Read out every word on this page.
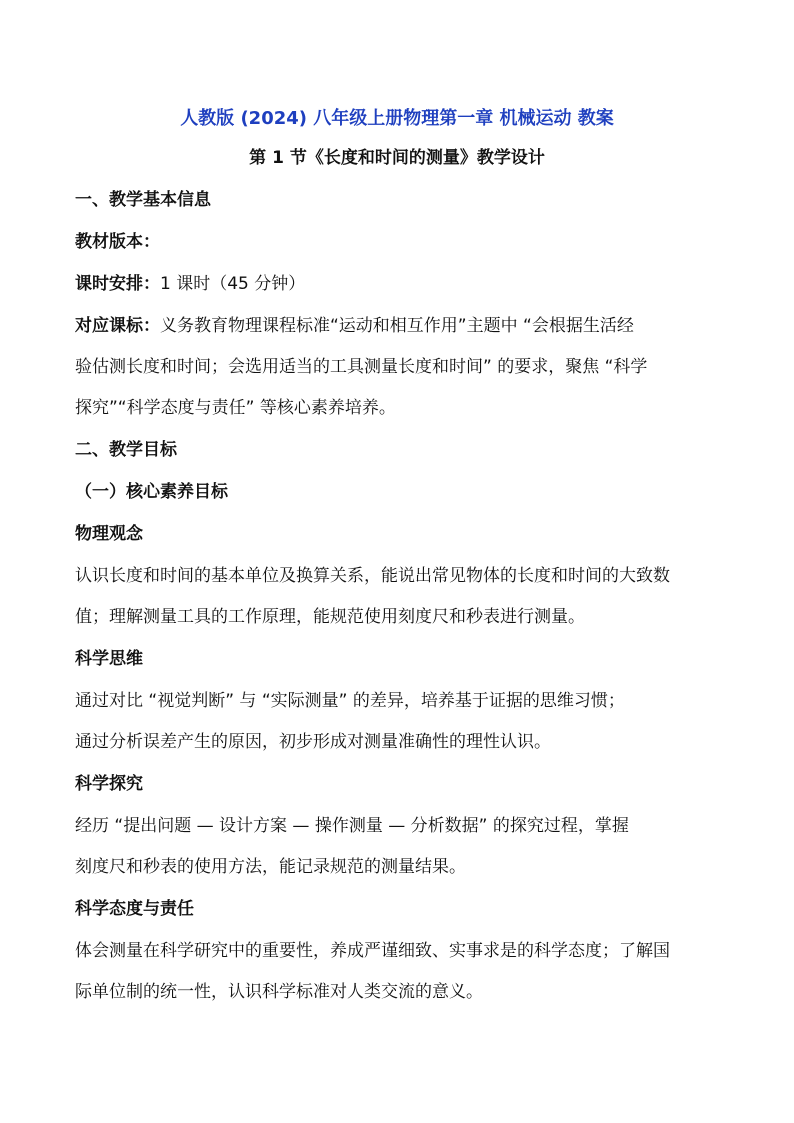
人教版 (2024) 八年级上册物理第一章 机械运动 教案
第 1 节《长度和时间的测量》教学设计
一、教学基本信息
教材版本：
课时安排：1 课时（45 分钟）
对应课标：义务教育物理课程标准“运动和相互作用”主题中 “会根据生活经
验估测长度和时间；会选用适当的工具测量长度和时间” 的要求，聚焦 “科学
探究”“科学态度与责任” 等核心素养培养。
二、教学目标
（一）核心素养目标
物理观念
认识长度和时间的基本单位及换算关系，能说出常见物体的长度和时间的大致数
值；理解测量工具的工作原理，能规范使用刻度尺和秒表进行测量。
科学思维
通过对比 “视觉判断” 与 “实际测量” 的差异，培养基于证据的思维习惯；
通过分析误差产生的原因，初步形成对测量准确性的理性认识。
科学探究
经历 “提出问题 — 设计方案 — 操作测量 — 分析数据” 的探究过程，掌握
刻度尺和秒表的使用方法，能记录规范的测量结果。
科学态度与责任
体会测量在科学研究中的重要性，养成严谨细致、实事求是的科学态度；了解国
际单位制的统一性，认识科学标准对人类交流的意义。
